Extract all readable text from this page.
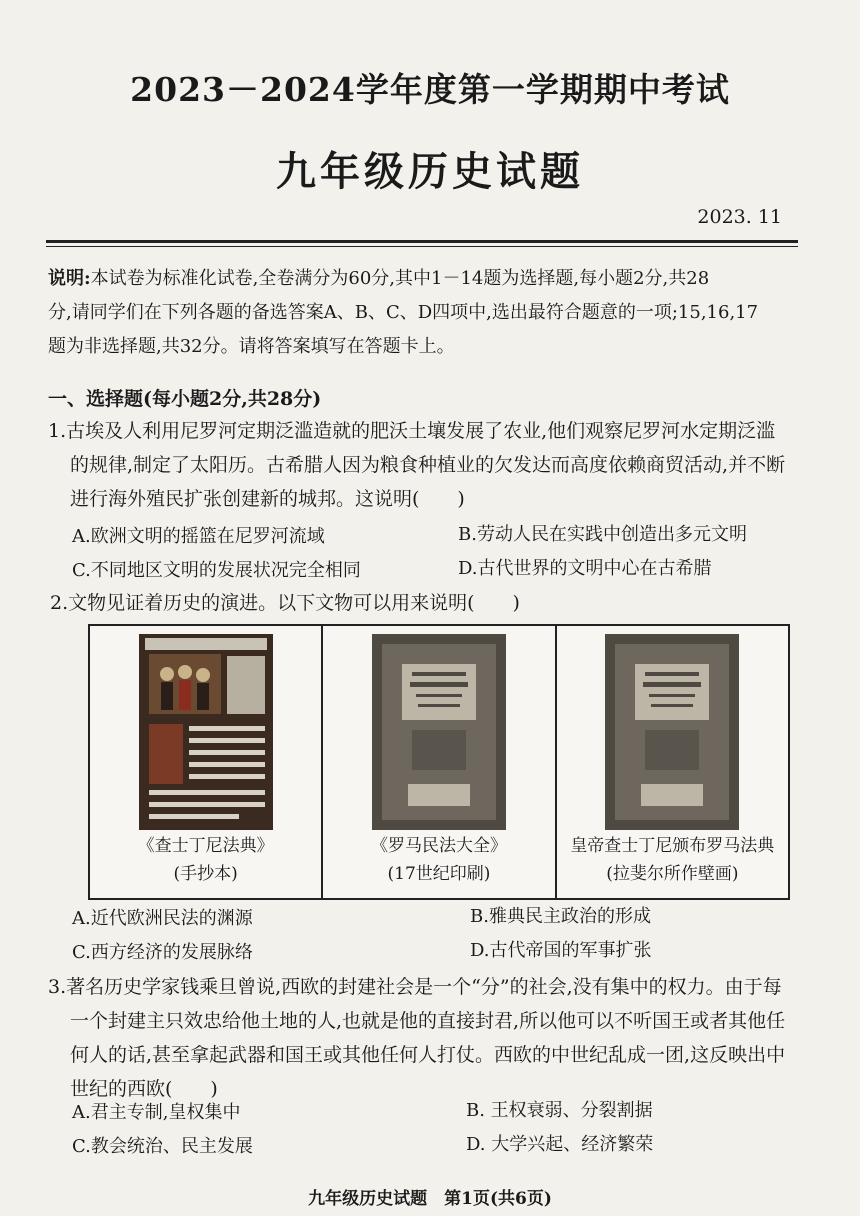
2023－2024学年度第一学期期中考试
九年级历史试题
2023. 11
说明:本试卷为标准化试卷,全卷满分为60分,其中1－14题为选择题,每小题2分,共28
分,请同学们在下列各题的备选答案A、B、C、D四项中,选出最符合题意的一项;15,16,17
题为非选择题,共32分。请将答案填写在答题卡上。
一、选择题(每小题2分,共28分)
1.古埃及人利用尼罗河定期泛滥造就的肥沃土壤发展了农业,他们观察尼罗河水定期泛滥
的规律,制定了太阳历。古希腊人因为粮食种植业的欠发达而高度依赖商贸活动,并不断
进行海外殖民扩张创建新的城邦。这说明(　　)
A.欧洲文明的摇篮在尼罗河流域	B.劳动人民在实践中创造出多元文明
C.不同地区文明的发展状况完全相同	D.古代世界的文明中心在古希腊
2.文物见证着历史的演进。以下文物可以用来说明(　　)
《查士丁尼法典》
(手抄本)
《罗马民法大全》
(17世纪印刷)
皇帝查士丁尼颁布罗马法典
(拉斐尔所作壁画)
A.近代欧洲民法的渊源	B.雅典民主政治的形成
C.西方经济的发展脉络	D.古代帝国的军事扩张
3.著名历史学家钱乘旦曾说,西欧的封建社会是一个“分”的社会,没有集中的权力。由于每
一个封建主只效忠给他土地的人,也就是他的直接封君,所以他可以不听国王或者其他任
何人的话,甚至拿起武器和国王或其他任何人打仗。西欧的中世纪乱成一团,这反映出中
世纪的西欧(　　)
A.君主专制,皇权集中	B. 王权衰弱、分裂割据
C.教会统治、民主发展	D. 大学兴起、经济繁荣
九年级历史试题　第1页(共6页)
